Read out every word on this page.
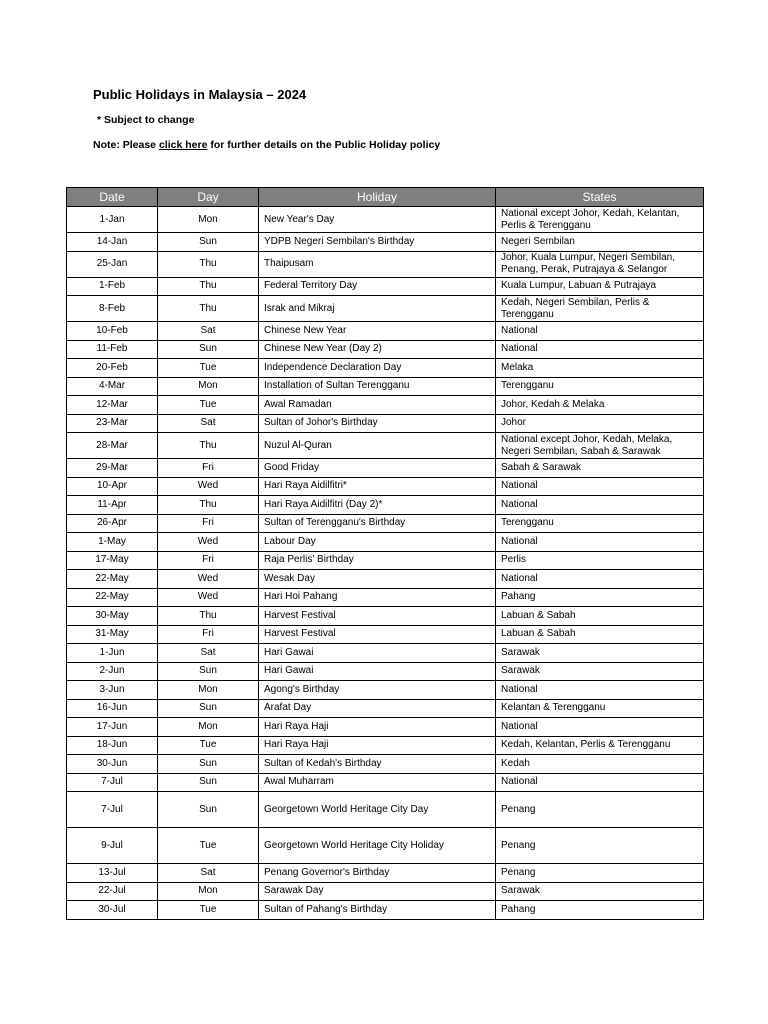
Public Holidays in Malaysia – 2024
* Subject to change
Note: Please click here for further details on the Public Holiday policy
Date	Day	Holiday	States
1-Jan	Mon	New Year's Day	National except Johor, Kedah, Kelantan, Perlis & Terengganu
14-Jan	Sun	YDPB Negeri Sembilan's Birthday	Negeri Sembilan
25-Jan	Thu	Thaipusam	Johor, Kuala Lumpur, Negeri Sembilan, Penang, Perak, Putrajaya & Selangor
1-Feb	Thu	Federal Territory Day	Kuala Lumpur, Labuan & Putrajaya
8-Feb	Thu	Israk and Mikraj	Kedah, Negeri Sembilan, Perlis & Terengganu
10-Feb	Sat	Chinese New Year	National
11-Feb	Sun	Chinese New Year (Day 2)	National
20-Feb	Tue	Independence Declaration Day	Melaka
4-Mar	Mon	Installation of Sultan Terengganu	Terengganu
12-Mar	Tue	Awal Ramadan	Johor, Kedah & Melaka
23-Mar	Sat	Sultan of Johor's Birthday	Johor
28-Mar	Thu	Nuzul Al-Quran	National except Johor, Kedah, Melaka, Negeri Sembilan, Sabah & Sarawak
29-Mar	Fri	Good Friday	Sabah & Sarawak
10-Apr	Wed	Hari Raya Aidilfitri*	National
11-Apr	Thu	Hari Raya Aidilfitri (Day 2)*	National
26-Apr	Fri	Sultan of Terengganu's Birthday	Terengganu
1-May	Wed	Labour Day	National
17-May	Fri	Raja Perlis' Birthday	Perlis
22-May	Wed	Wesak Day	National
22-May	Wed	Hari Hoi Pahang	Pahang
30-May	Thu	Harvest Festival	Labuan & Sabah
31-May	Fri	Harvest Festival	Labuan & Sabah
1-Jun	Sat	Hari Gawai	Sarawak
2-Jun	Sun	Hari Gawai	Sarawak
3-Jun	Mon	Agong's Birthday	National
16-Jun	Sun	Arafat Day	Kelantan & Terengganu
17-Jun	Mon	Hari Raya Haji	National
18-Jun	Tue	Hari Raya Haji	Kedah, Kelantan, Perlis & Terengganu
30-Jun	Sun	Sultan of Kedah's Birthday	Kedah
7-Jul	Sun	Awal Muharram	National
7-Jul	Sun	Georgetown World Heritage City Day	Penang
9-Jul	Tue	Georgetown World Heritage City Holiday	Penang
13-Jul	Sat	Penang Governor's Birthday	Penang
22-Jul	Mon	Sarawak Day	Sarawak
30-Jul	Tue	Sultan of Pahang's Birthday	Pahang
